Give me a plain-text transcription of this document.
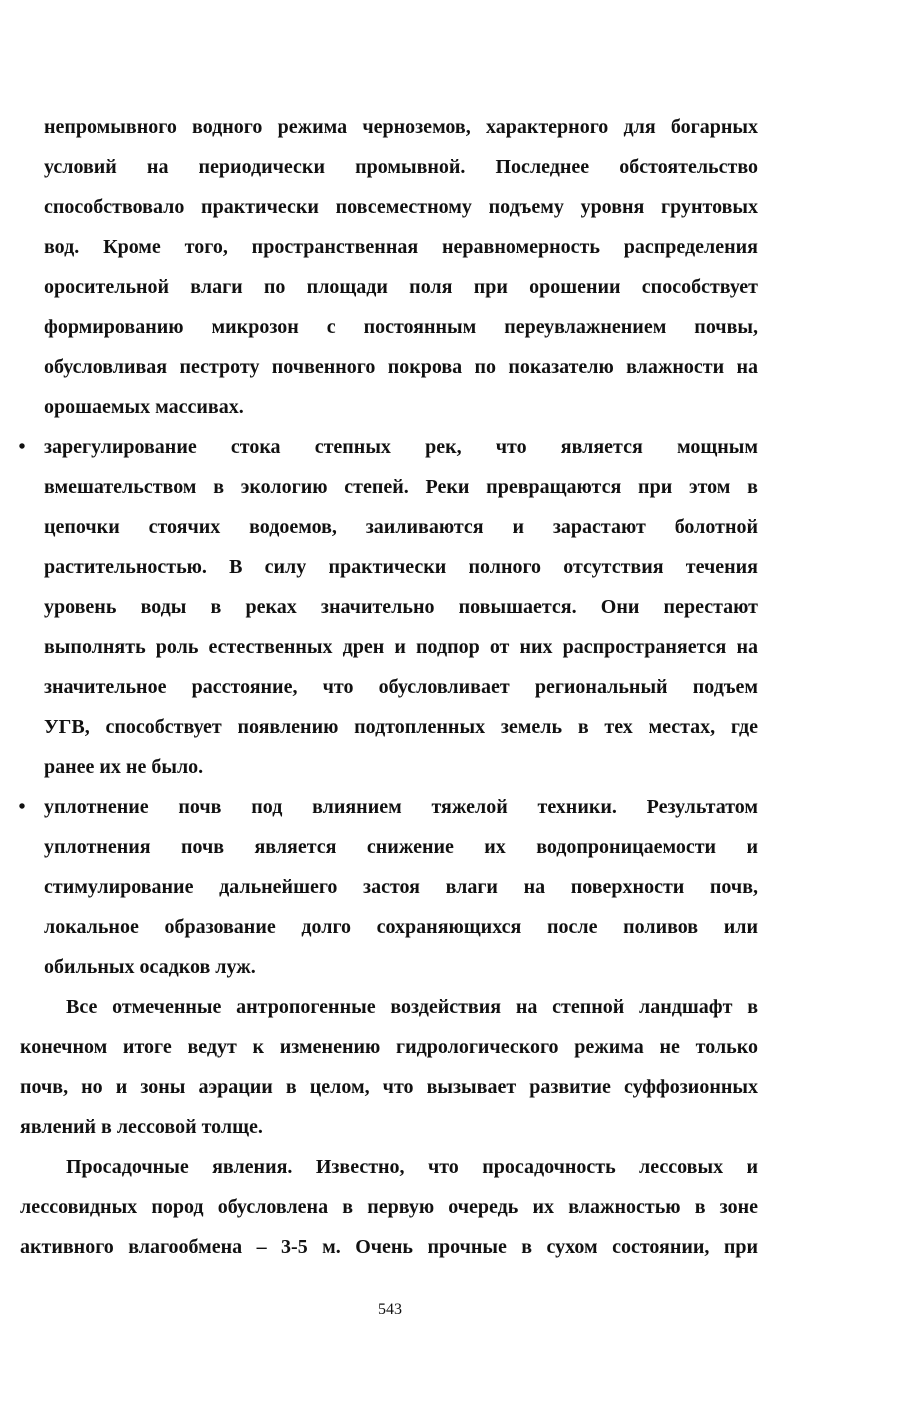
непромывного водного режима черноземов, характерного для богарных
условий на периодически промывной. Последнее обстоятельство
способствовало практически повсеместному подъему уровня грунтовых
вод. Кроме того, пространственная неравномерность распределения
оросительной влаги по площади поля при орошении способствует
формированию микрозон с постоянным переувлажнением почвы,
обусловливая пестроту почвенного покрова по показателю влажности на
орошаемых массивах.
• зарегулирование стока степных рек, что является мощным
вмешательством в экологию степей. Реки превращаются при этом в
цепочки стоячих водоемов, заиливаются и зарастают болотной
растительностью. В силу практически полного отсутствия течения
уровень воды в реках значительно повышается. Они перестают
выполнять роль естественных дрен и подпор от них распространяется на
значительное расстояние, что обусловливает региональный подъем
УГВ, способствует появлению подтопленных земель в тех местах, где
ранее их не было.
• уплотнение почв под влиянием тяжелой техники. Результатом
уплотнения почв является снижение их водопроницаемости и
стимулирование дальнейшего застоя влаги на поверхности почв,
локальное образование долго сохраняющихся после поливов или
обильных осадков луж.
Все отмеченные антропогенные воздействия на степной ландшафт в
конечном итоге ведут к изменению гидрологического режима не только
почв, но и зоны аэрации в целом, что вызывает развитие суффозионных
явлений в лессовой толще.
Просадочные явления. Известно, что просадочность лессовых и
лессовидных пород обусловлена в первую очередь их влажностью в зоне
активного влагообмена – 3-5 м. Очень прочные в сухом состоянии, при
543
